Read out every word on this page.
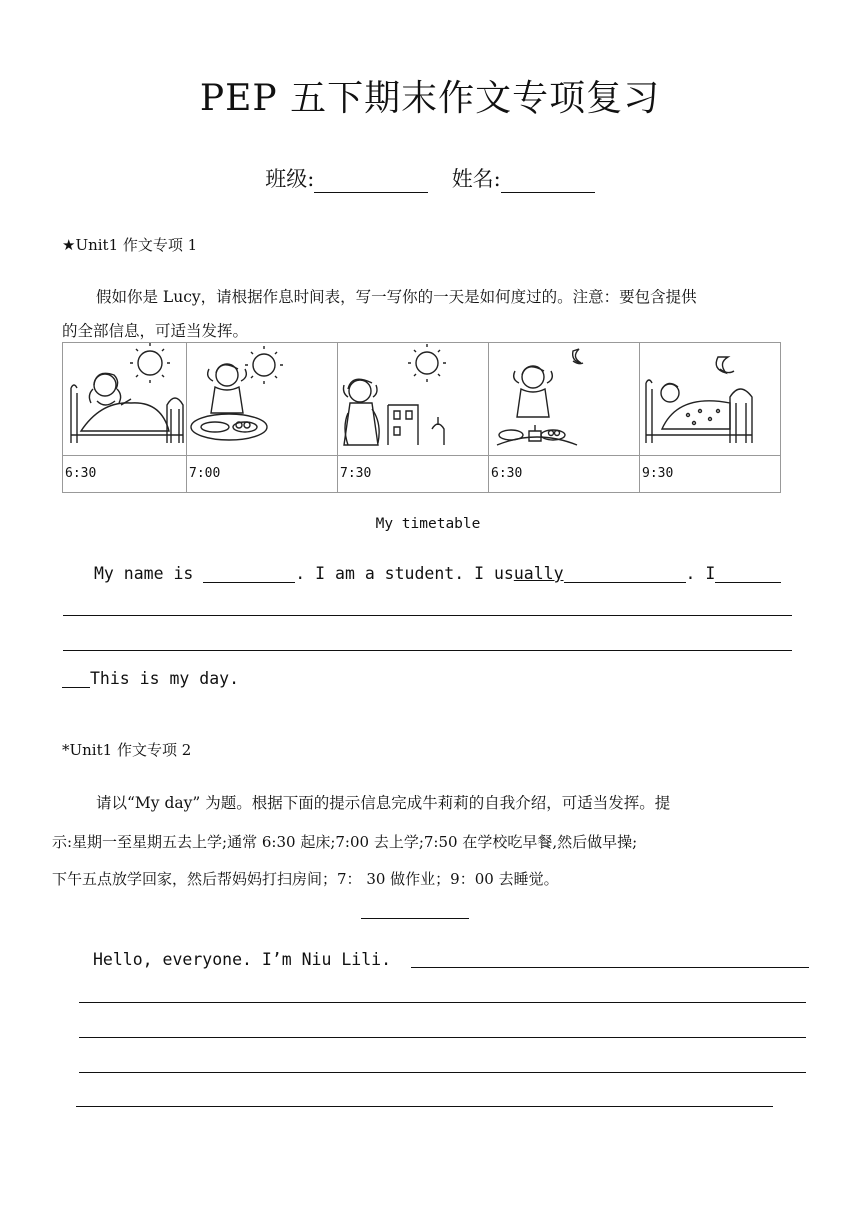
PEP 五下期末作文专项复习
班级:	姓名:
★Unit1 作文专项 1
假如你是 Lucy，请根据作息时间表，写一写你的一天是如何度过的。注意：要包含提供
的全部信息，可适当发挥。

6:30	7:00	7:30	6:30	9:30
My timetable
My name is	. I am a student. I usually	. I
This is my day.
*Unit1 作文专项 2
请以“My day” 为题。根据下面的提示信息完成牛莉莉的自我介绍，可适当发挥。提
示:星期一至星期五去上学;通常 6:30 起床;7:00 去上学;7:50 在学校吃早餐,然后做早操;
下午五点放学回家，然后帮妈妈打扫房间；7： 30 做作业；9：00 去睡觉。
Hello, everyone. I’m Niu Lili.
